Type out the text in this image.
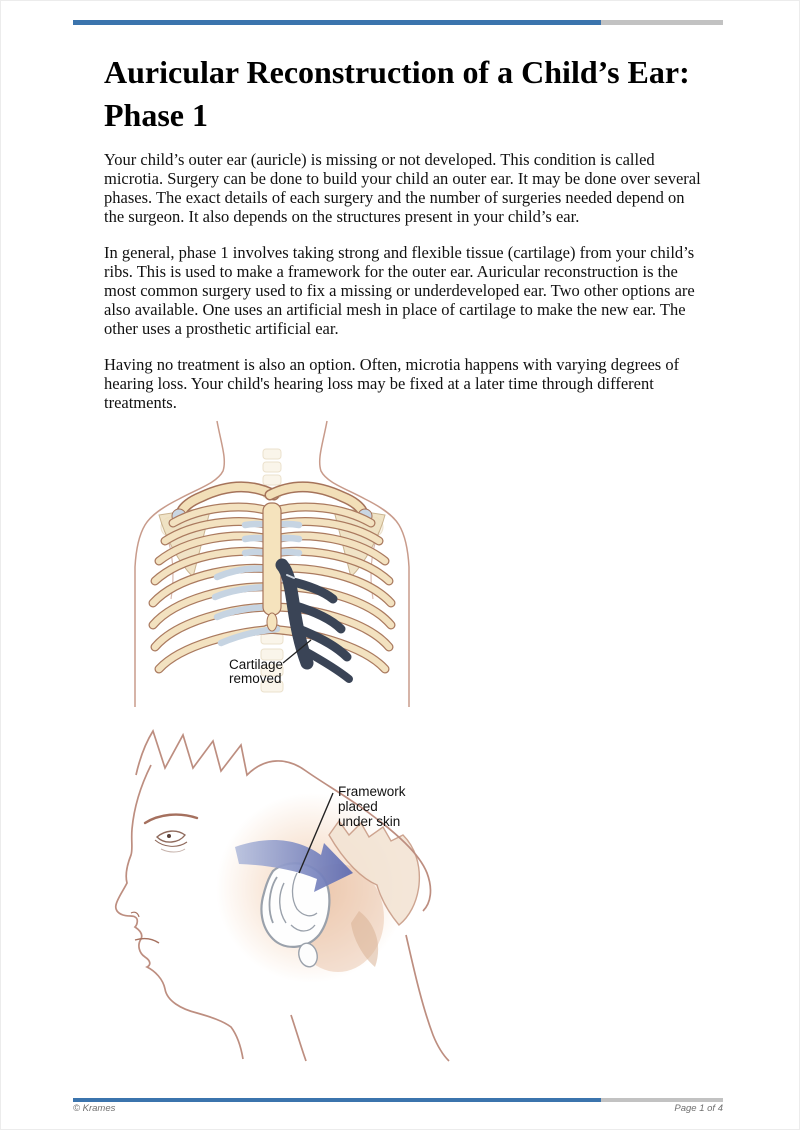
Auricular Reconstruction of a Child’s Ear:
Phase 1

Your child’s outer ear (auricle) is missing or not developed. This condition is called microtia. Surgery can be done to build your child an outer ear. It may be done over several phases. The exact details of each surgery and the number of surgeries needed depend on the surgeon. It also depends on the structures present in your child’s ear.

In general, phase 1 involves taking strong and flexible tissue (cartilage) from your child’s ribs. This is used to make a framework for the outer ear. Auricular reconstruction is the most common surgery used to fix a missing or underdeveloped ear. Two other options are also available. One uses an artificial mesh in place of cartilage to make the new ear. The other uses a prosthetic artificial ear.

Having no treatment is also an option. Often, microtia happens with varying degrees of hearing loss. Your child's hearing loss may be fixed at a later time through different treatments.

Cartilage
removed
Framework
placed
under skin
© Krames	Page 1 of 4
